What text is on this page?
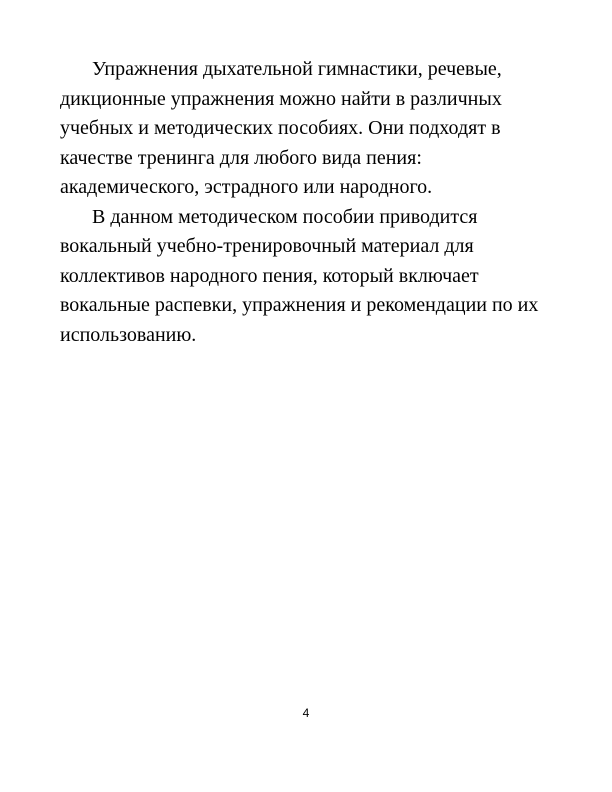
Упражнения дыхательной гимнастики, речевые,
дикционные упражнения можно найти в различных
учебных и методических пособиях. Они подходят в
качестве тренинга для любого вида пения:
академического, эстрадного или народного.
В данном методическом пособии приводится
вокальный учебно-тренировочный материал для
коллективов народного пения, который включает
вокальные распевки, упражнения и рекомендации по их
использованию.
4
